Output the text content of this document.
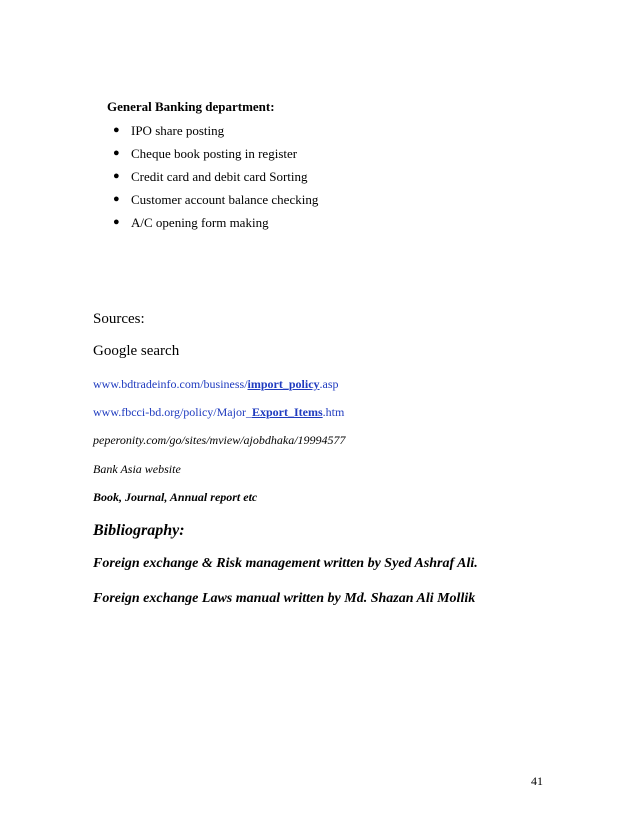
General Banking department:
● IPO share posting
● Cheque book posting in register
● Credit card and debit card Sorting
● Customer account balance checking
● A/C opening form making
Sources:
Google search
www.bdtradeinfo.com/business/import_policy.asp
www.fbcci-bd.org/policy/Major_Export_Items.htm
peperonity.com/go/sites/mview/ajobdhaka/19994577
Bank Asia website
Book, Journal, Annual report etc
Bibliography:
Foreign exchange & Risk management written by Syed Ashraf Ali.
Foreign exchange Laws manual written by Md. Shazan Ali Mollik
41
